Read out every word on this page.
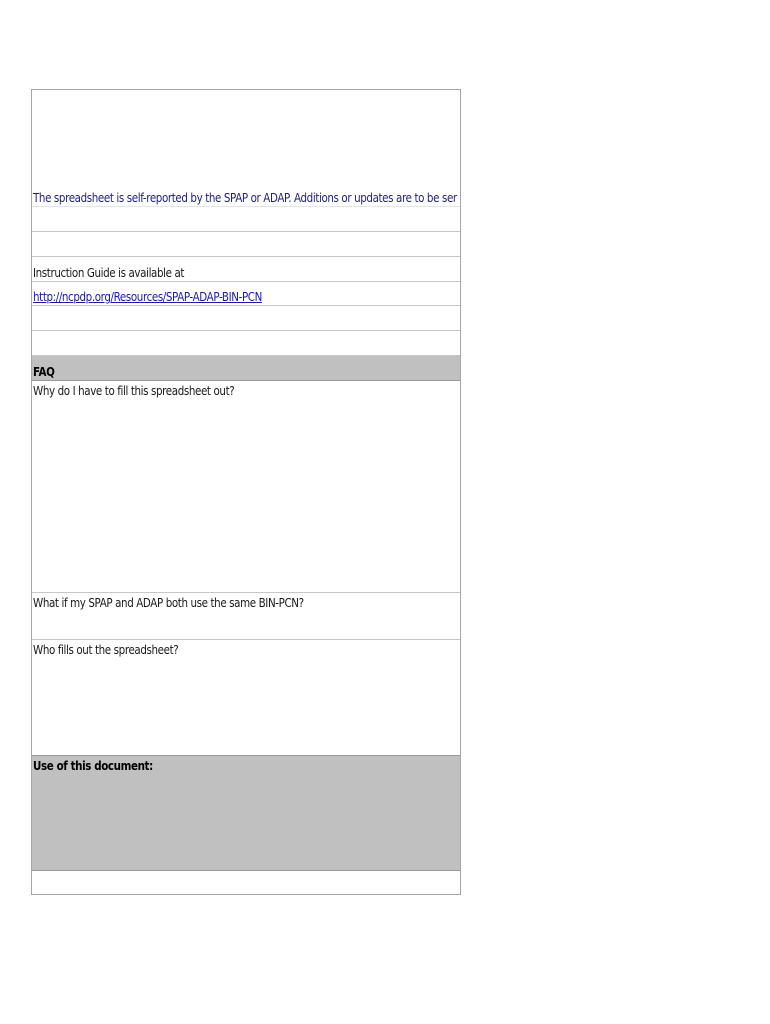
The spreadsheet is self-reported by the SPAP or ADAP. Additions or updates are to be ser
Instruction Guide is available at
http://ncpdp.org/Resources/SPAP-ADAP-BIN-PCN
FAQ
Why do I have to fill this spreadsheet out?
What if my SPAP and ADAP both use the same BIN-PCN?
Who fills out the spreadsheet?
Use of this document:
